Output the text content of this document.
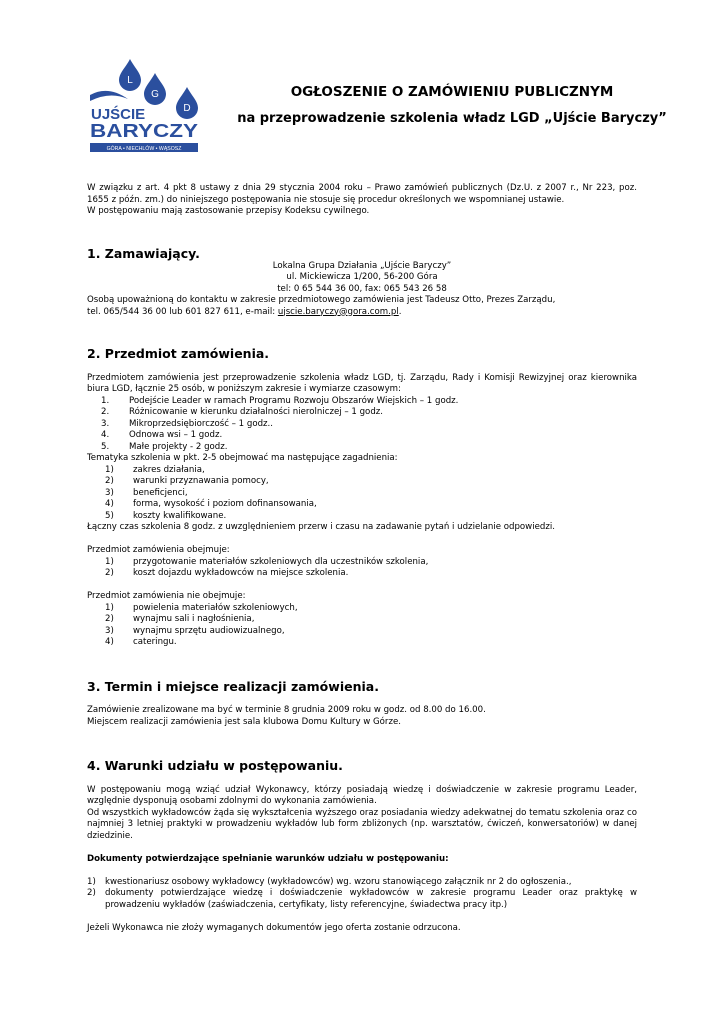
L
G
D
UJŚCIE
BARYCZY
GÓRA • NIECHLÓW • WĄSOSZ
OGŁOSZENIE O ZAMÓWIENIU PUBLICZNYM
na przeprowadzenie szkolenia władz LGD „Ujście Baryczy”

W związku z art. 4 pkt 8 ustawy z dnia 29 stycznia 2004 roku – Prawo zamówień publicznych (Dz.U. z 2007 r., Nr 223, poz. 1655 z późn. zm.) do niniejszego postępowania nie stosuje się procedur określonych we wspomnianej ustawie.

W postępowaniu mają zastosowanie przepisy Kodeksu cywilnego.

1. Zamawiający.

Lokalna Grupa Działania „Ujście Baryczy”

ul. Mickiewicza 1/200, 56-200 Góra

tel: 0 65 544 36 00, fax: 065 543 26 58

Osobą upoważnioną do kontaktu w zakresie przedmiotowego zamówienia jest Tadeusz Otto, Prezes Zarządu,

tel. 065/544 36 00 lub 601 827 611, e-mail: ujscie.baryczy@gora.com.pl.

2. Przedmiot zamówienia.

Przedmiotem zamówienia jest przeprowadzenie szkolenia władz LGD, tj. Zarządu, Rady i Komisji Rewizyjnej oraz kierownika biura LGD, łącznie 25 osób, w poniższym zakresie i wymiarze czasowym:

1.	Podejście Leader w ramach Programu Rozwoju Obszarów Wiejskich – 1 godz.
2.	Różnicowanie w kierunku działalności nierolniczej – 1 godz.
3.	Mikroprzedsiębiorczość – 1 godz..
4.	Odnowa wsi – 1 godz.
5.	Małe projekty - 2 godz.

Tematyka szkolenia w pkt. 2-5 obejmować ma następujące zagadnienia:

1)	zakres działania,
2)	warunki przyznawania pomocy,
3)	beneficjenci,
4)	forma, wysokość i poziom dofinansowania,
5)	koszty kwalifikowane.

Łączny czas szkolenia 8 godz. z uwzględnieniem przerw i czasu na zadawanie pytań i udzielanie odpowiedzi.

Przedmiot zamówienia obejmuje:

1)	przygotowanie materiałów szkoleniowych dla uczestników szkolenia,
2)	koszt dojazdu wykładowców na miejsce szkolenia.

Przedmiot zamówienia nie obejmuje:

1)	powielenia materiałów szkoleniowych,
2)	wynajmu sali i nagłośnienia,
3)	wynajmu sprzętu audiowizualnego,
4)	cateringu.

3. Termin i miejsce realizacji zamówienia.

Zamówienie zrealizowane ma być w terminie 8 grudnia 2009 roku w godz. od 8.00 do 16.00.

Miejscem realizacji zamówienia jest sala klubowa Domu Kultury w Górze.

4. Warunki udziału w postępowaniu.

W postępowaniu mogą wziąć udział Wykonawcy, którzy posiadają wiedzę i doświadczenie w zakresie programu Leader, względnie dysponują osobami zdolnymi do wykonania zamówienia.

Od wszystkich wykładowców żąda się wykształcenia wyższego oraz posiadania wiedzy adekwatnej do tematu szkolenia oraz co najmniej 3 letniej praktyki w prowadzeniu wykładów lub form zbliżonych (np. warsztatów, ćwiczeń, konwersatoriów) w danej dziedzinie.

Dokumenty potwierdzające spełnianie warunków udziału w postępowaniu:

1)	kwestionariusz osobowy wykładowcy (wykładowców) wg. wzoru stanowiącego załącznik nr 2 do ogłoszenia.,
2)	dokumenty potwierdzające wiedzę i doświadczenie wykładowców w zakresie programu Leader oraz praktykę w prowadzeniu wykładów (zaświadczenia, certyfikaty, listy referencyjne, świadectwa pracy itp.)

Jeżeli Wykonawca nie złoży wymaganych dokumentów jego oferta zostanie odrzucona.
